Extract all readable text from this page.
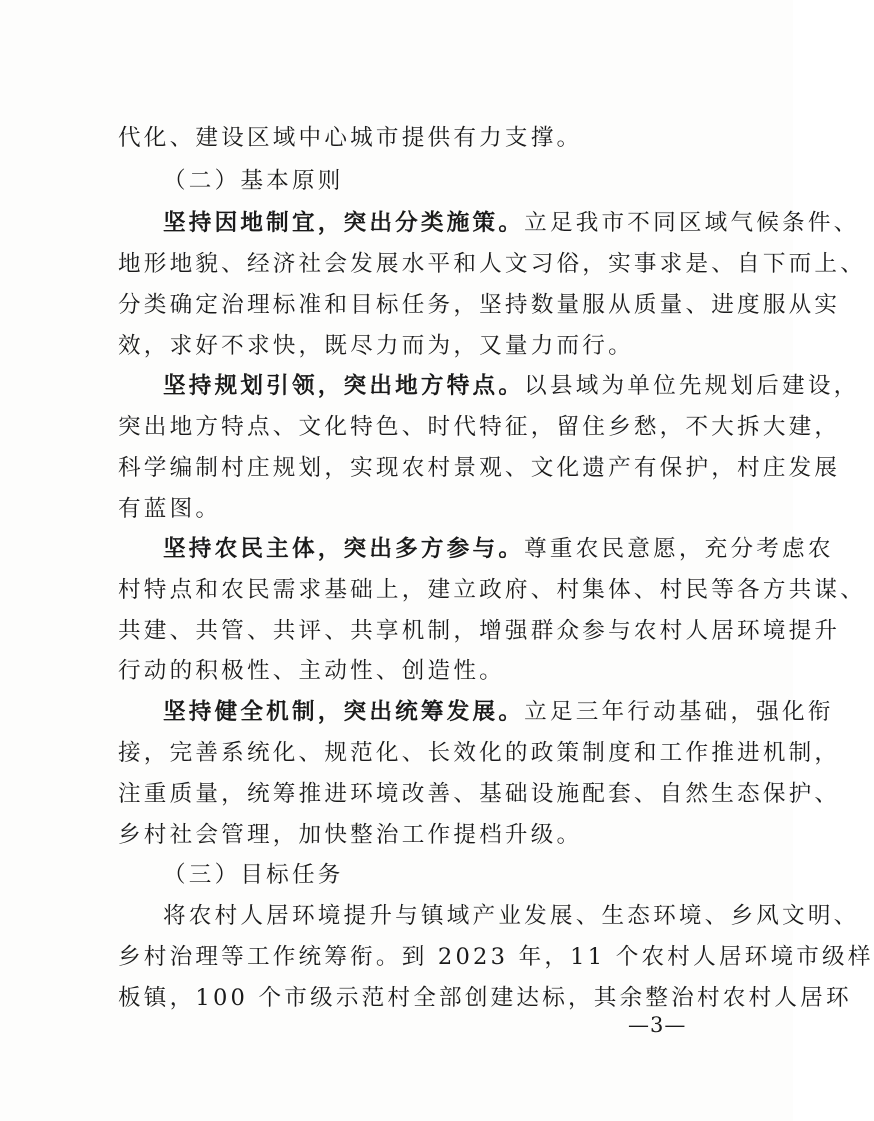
代化、建设区域中心城市提供有力支撑。
（二）基本原则
坚持因地制宜，突出分类施策。立足我市不同区域气候条件、
地形地貌、经济社会发展水平和人文习俗，实事求是、自下而上、
分类确定治理标准和目标任务，坚持数量服从质量、进度服从实
效，求好不求快，既尽力而为，又量力而行。
坚持规划引领，突出地方特点。以县域为单位先规划后建设，
突出地方特点、文化特色、时代特征，留住乡愁，不大拆大建，
科学编制村庄规划，实现农村景观、文化遗产有保护，村庄发展
有蓝图。
坚持农民主体，突出多方参与。尊重农民意愿，充分考虑农
村特点和农民需求基础上，建立政府、村集体、村民等各方共谋、
共建、共管、共评、共享机制，增强群众参与农村人居环境提升
行动的积极性、主动性、创造性。
坚持健全机制，突出统筹发展。立足三年行动基础，强化衔
接，完善系统化、规范化、长效化的政策制度和工作推进机制，
注重质量，统筹推进环境改善、基础设施配套、自然生态保护、
乡村社会管理，加快整治工作提档升级。
（三）目标任务
将农村人居环境提升与镇域产业发展、生态环境、乡风文明、
乡村治理等工作统筹衔。到 2023 年，11 个农村人居环境市级样
板镇，100 个市级示范村全部创建达标，其余整治村农村人居环
—3—
